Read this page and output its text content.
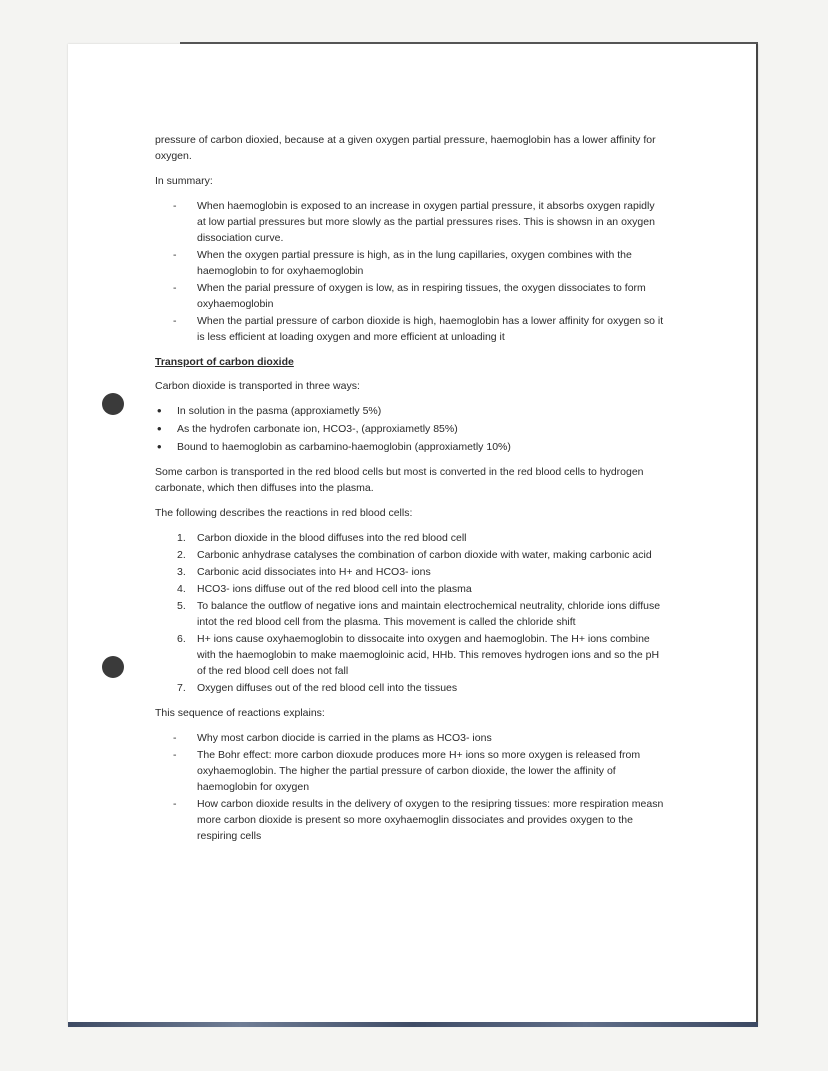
pressure of carbon dioxied, because at a given oxygen partial pressure, haemoglobin has a lower affinity for oxygen.

In summary:

- When haemoglobin is exposed to an increase in oxygen partial pressure, it absorbs oxygen rapidly at low partial pressures but more slowly as the partial pressures rises. This is showsn in an oxygen dissociation curve.
- When the oxygen partial pressure is high, as in the lung capillaries, oxygen combines with the haemoglobin to for oxyhaemoglobin
- When the parial pressure of oxygen is low, as in respiring tissues, the oxygen dissociates to form oxyhaemoglobin
- When the partial pressure of carbon dioxide is high, haemoglobin has a lower affinity for oxygen so it is less efficient at loading oxygen and more efficient at unloading it

Transport of carbon dioxide

Carbon dioxide is transported in three ways:

• In solution in the pasma (approxiametly 5%)
• As the hydrofen carbonate ion, HCO3-, (approxiametly 85%)
• Bound to haemoglobin as carbamino-haemoglobin (approxiametly 10%)

Some carbon is transported in the red blood cells but most is converted in the red blood cells to hydrogen carbonate, which then diffuses into the plasma.

The following describes the reactions in red blood cells:

1. Carbon dioxide in the blood diffuses into the red blood cell
2. Carbonic anhydrase catalyses the combination of carbon dioxide with water, making carbonic acid
3. Carbonic acid dissociates into H+ and HCO3- ions
4. HCO3- ions diffuse out of the red blood cell into the plasma
5. To balance the outflow of negative ions and maintain electrochemical neutrality, chloride ions diffuse intot the red blood cell from the plasma. This movement is called the chloride shift
6. H+ ions cause oxyhaemoglobin to dissocaite into oxygen and haemoglobin. The H+ ions combine with the haemoglobin to make maemogloinic acid, HHb. This removes hydrogen ions and so the pH of the red blood cell does not fall
7. Oxygen diffuses out of the red blood cell into the tissues

This sequence of reactions explains:

- Why most carbon diocide is carried in the plams as HCO3- ions
- The Bohr effect: more carbon dioxude produces more H+ ions so more oxygen is released from oxyhaemoglobin. The higher the partial pressure of carbon dioxide, the lower the affinity of haemoglobin for oxygen
- How carbon dioxide results in the delivery of oxygen to the resipring tissues: more respiration measn more carbon dioxide is present so more oxyhaemoglin dissociates and provides oxygen to the respiring cells
